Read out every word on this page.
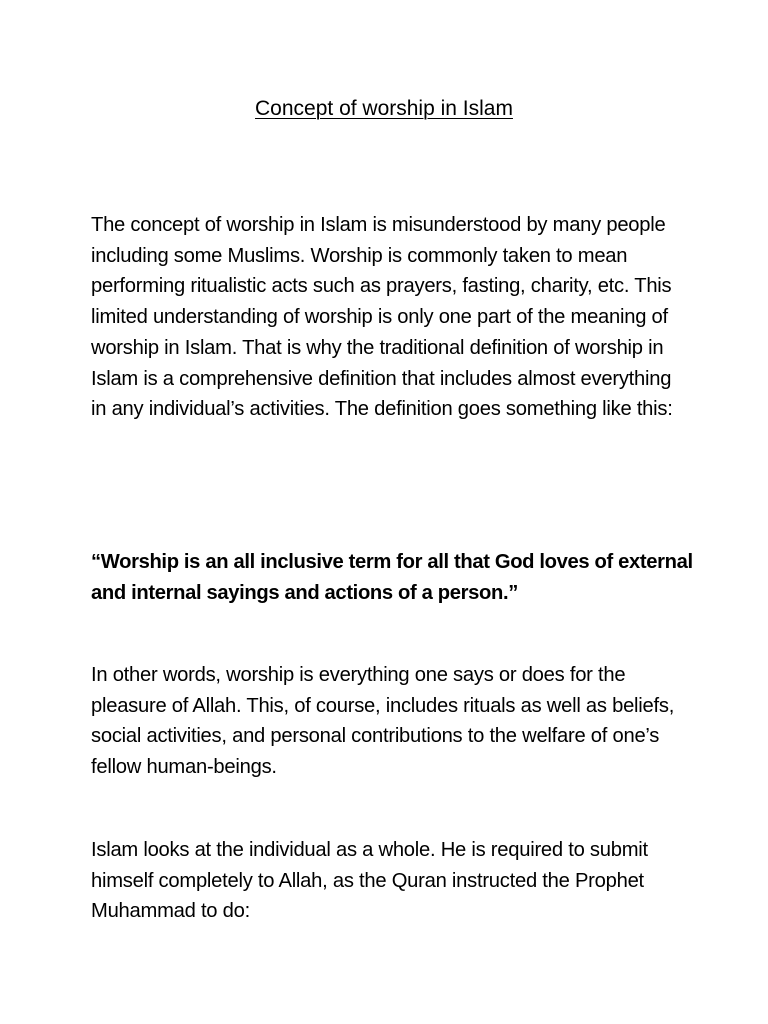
Concept of worship in Islam

The concept of worship in Islam is misunderstood by many people including some Muslims. Worship is commonly taken to mean performing ritualistic acts such as prayers, fasting, charity, etc. This limited understanding of worship is only one part of the meaning of worship in Islam. That is why the traditional definition of worship in Islam is a comprehensive definition that includes almost everything in any individual’s activities. The definition goes something like this:

“Worship is an all inclusive term for all that God loves of external and internal sayings and actions of a person.”

In other words, worship is everything one says or does for the pleasure of Allah. This, of course, includes rituals as well as beliefs, social activities, and personal contributions to the welfare of one’s fellow human-beings.

Islam looks at the individual as a whole. He is required to submit himself completely to Allah, as the Quran instructed the Prophet Muhammad to do:
